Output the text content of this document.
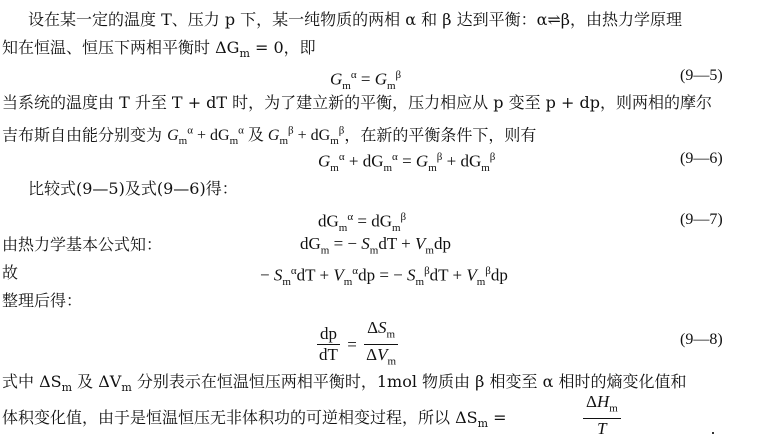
设在某一定的温度 T、压力 p 下，某一纯物质的两相 α 和 β 达到平衡：α⇌β，由热力学原理
知在恒温、恒压下两相平衡时 $\Delta G_m = 0$，即
$G_m^\alpha = G_m^\beta$	(9—5)
当系统的温度由 T 升至 T + dT 时，为了建立新的平衡，压力相应从 p 变至 p + dp，则两相的摩尔
吉布斯自由能分别变为 $G_m^\alpha + dG_m^\alpha$ 及 $G_m^\beta + dG_m^\beta$，在新的平衡条件下，则有
$G_m^\alpha + dG_m^\alpha = G_m^\beta + dG_m^\beta$	(9—6)
比较式(9—5)及式(9—6)得：
$dG_m^\alpha = dG_m^\beta$	(9—7)
由热力学基本公式知：	$dG_m$ = − $S_mdT + V_mdp$
故	− $S_m^\alpha dT + V_m^\alpha dp$ = − $S_m^\beta dT + V_m^\beta dp$
整理后得：
$\frac{dp}{dT} = \frac{\Delta S_m}{\Delta V_m}$	(9—8)
式中 $\Delta S_m$ 及 $\Delta V_m$ 分别表示在恒温恒压两相平衡时，1mol 物质由 β 相变至 α 相时的熵变化值和
体积变化值，由于是恒温恒压无非体积功的可逆相变过程，所以 $\Delta S_m$ =	$\frac{\Delta H_m}{T}$
